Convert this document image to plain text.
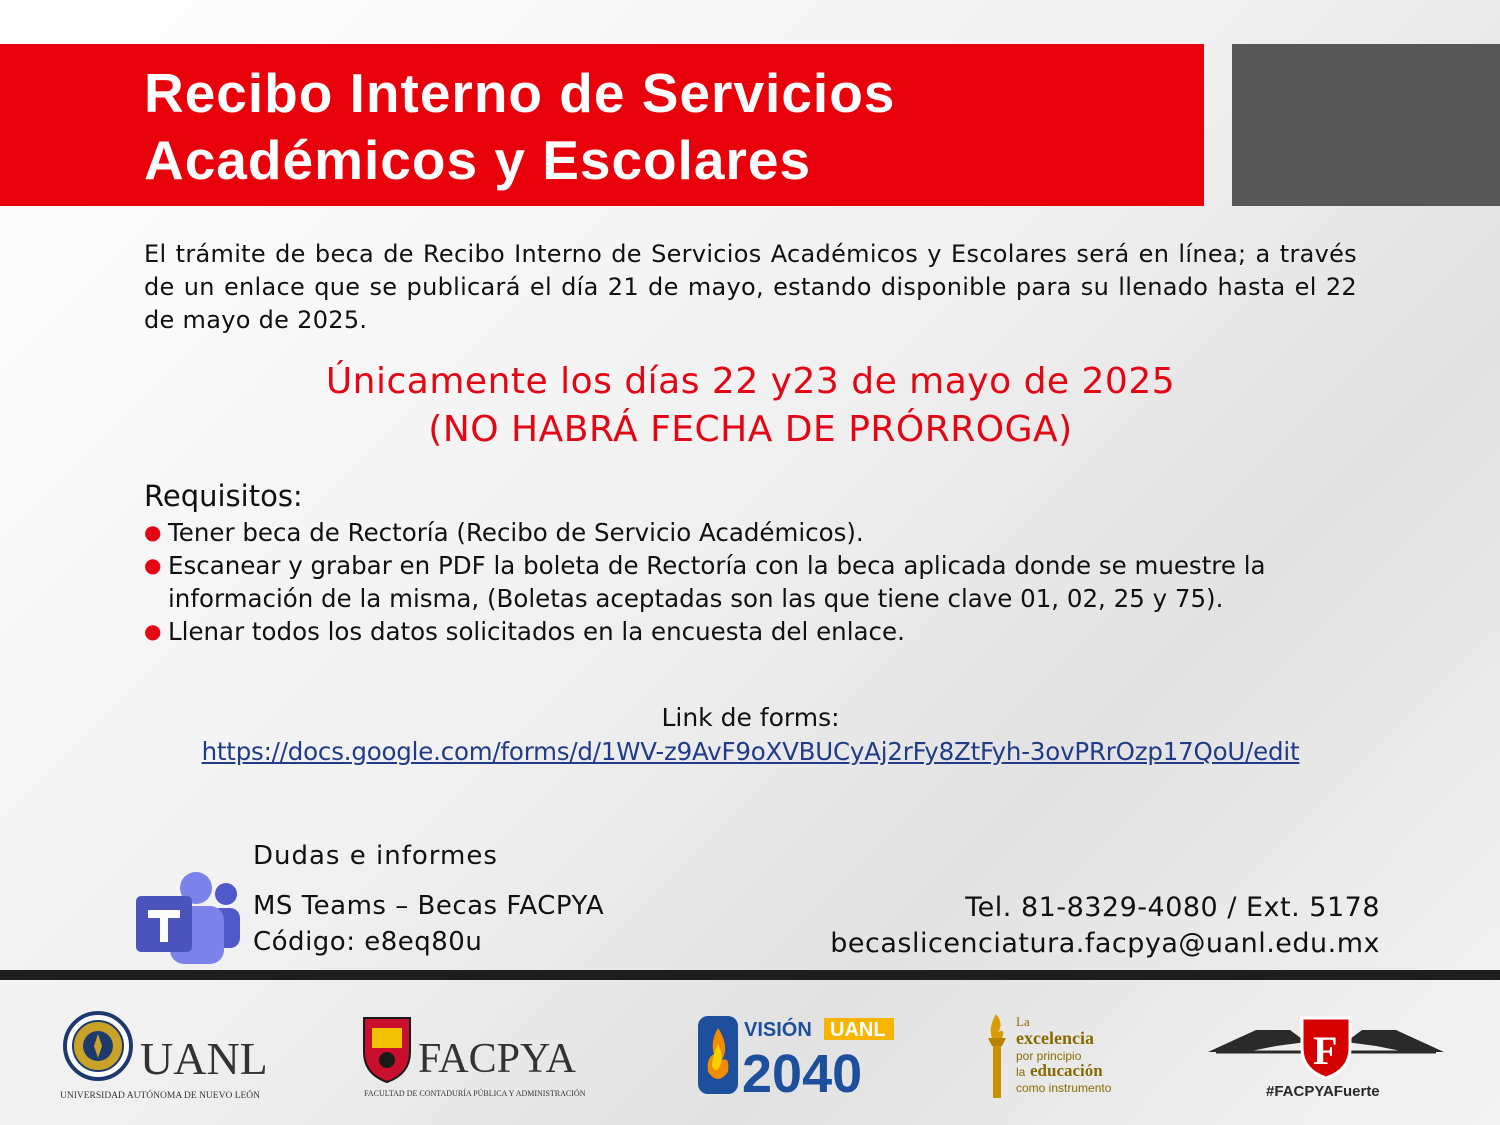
Recibo Interno de Servicios
Académicos y Escolares

El trámite de beca de Recibo Interno de Servicios Académicos y Escolares será en línea; a través de un enlace que se publicará el día 21 de mayo, estando disponible para su llenado hasta el 22 de mayo de 2025.

Únicamente los días 22 y23 de mayo de 2025
(NO HABRÁ FECHA DE PRÓRROGA)
Requisitos:
● Tener beca de Rectoría (Recibo de Servicio Académicos).
● Escanear y grabar en PDF la boleta de Rectoría con la beca aplicada donde se muestre la información de la misma, (Boletas aceptadas son las que tiene clave 01, 02, 25 y 75).
● Llenar todos los datos solicitados en la encuesta del enlace.
Link de forms:
https://docs.google.com/forms/d/1WV-z9AvF9oXVBUCyAj2rFy8ZtFyh-3ovPRrOzp17QoU/edit
Dudas e informes
MS Teams – Becas FACPYA
Código: e8eq80u
Tel. 81-8329-4080 / Ext. 5178
becaslicenciatura.facpya@uanl.edu.mx
UANL
UNIVERSIDAD AUTÓNOMA DE NUEVO LEÓN
FACPYA
FACULTAD DE CONTADURÍA PÚBLICA Y ADMINISTRACIÓN
VISIÓN UANL
2040
La
excelencia
por principio
la educación
como instrumento
F
#FACPYAFuerte
